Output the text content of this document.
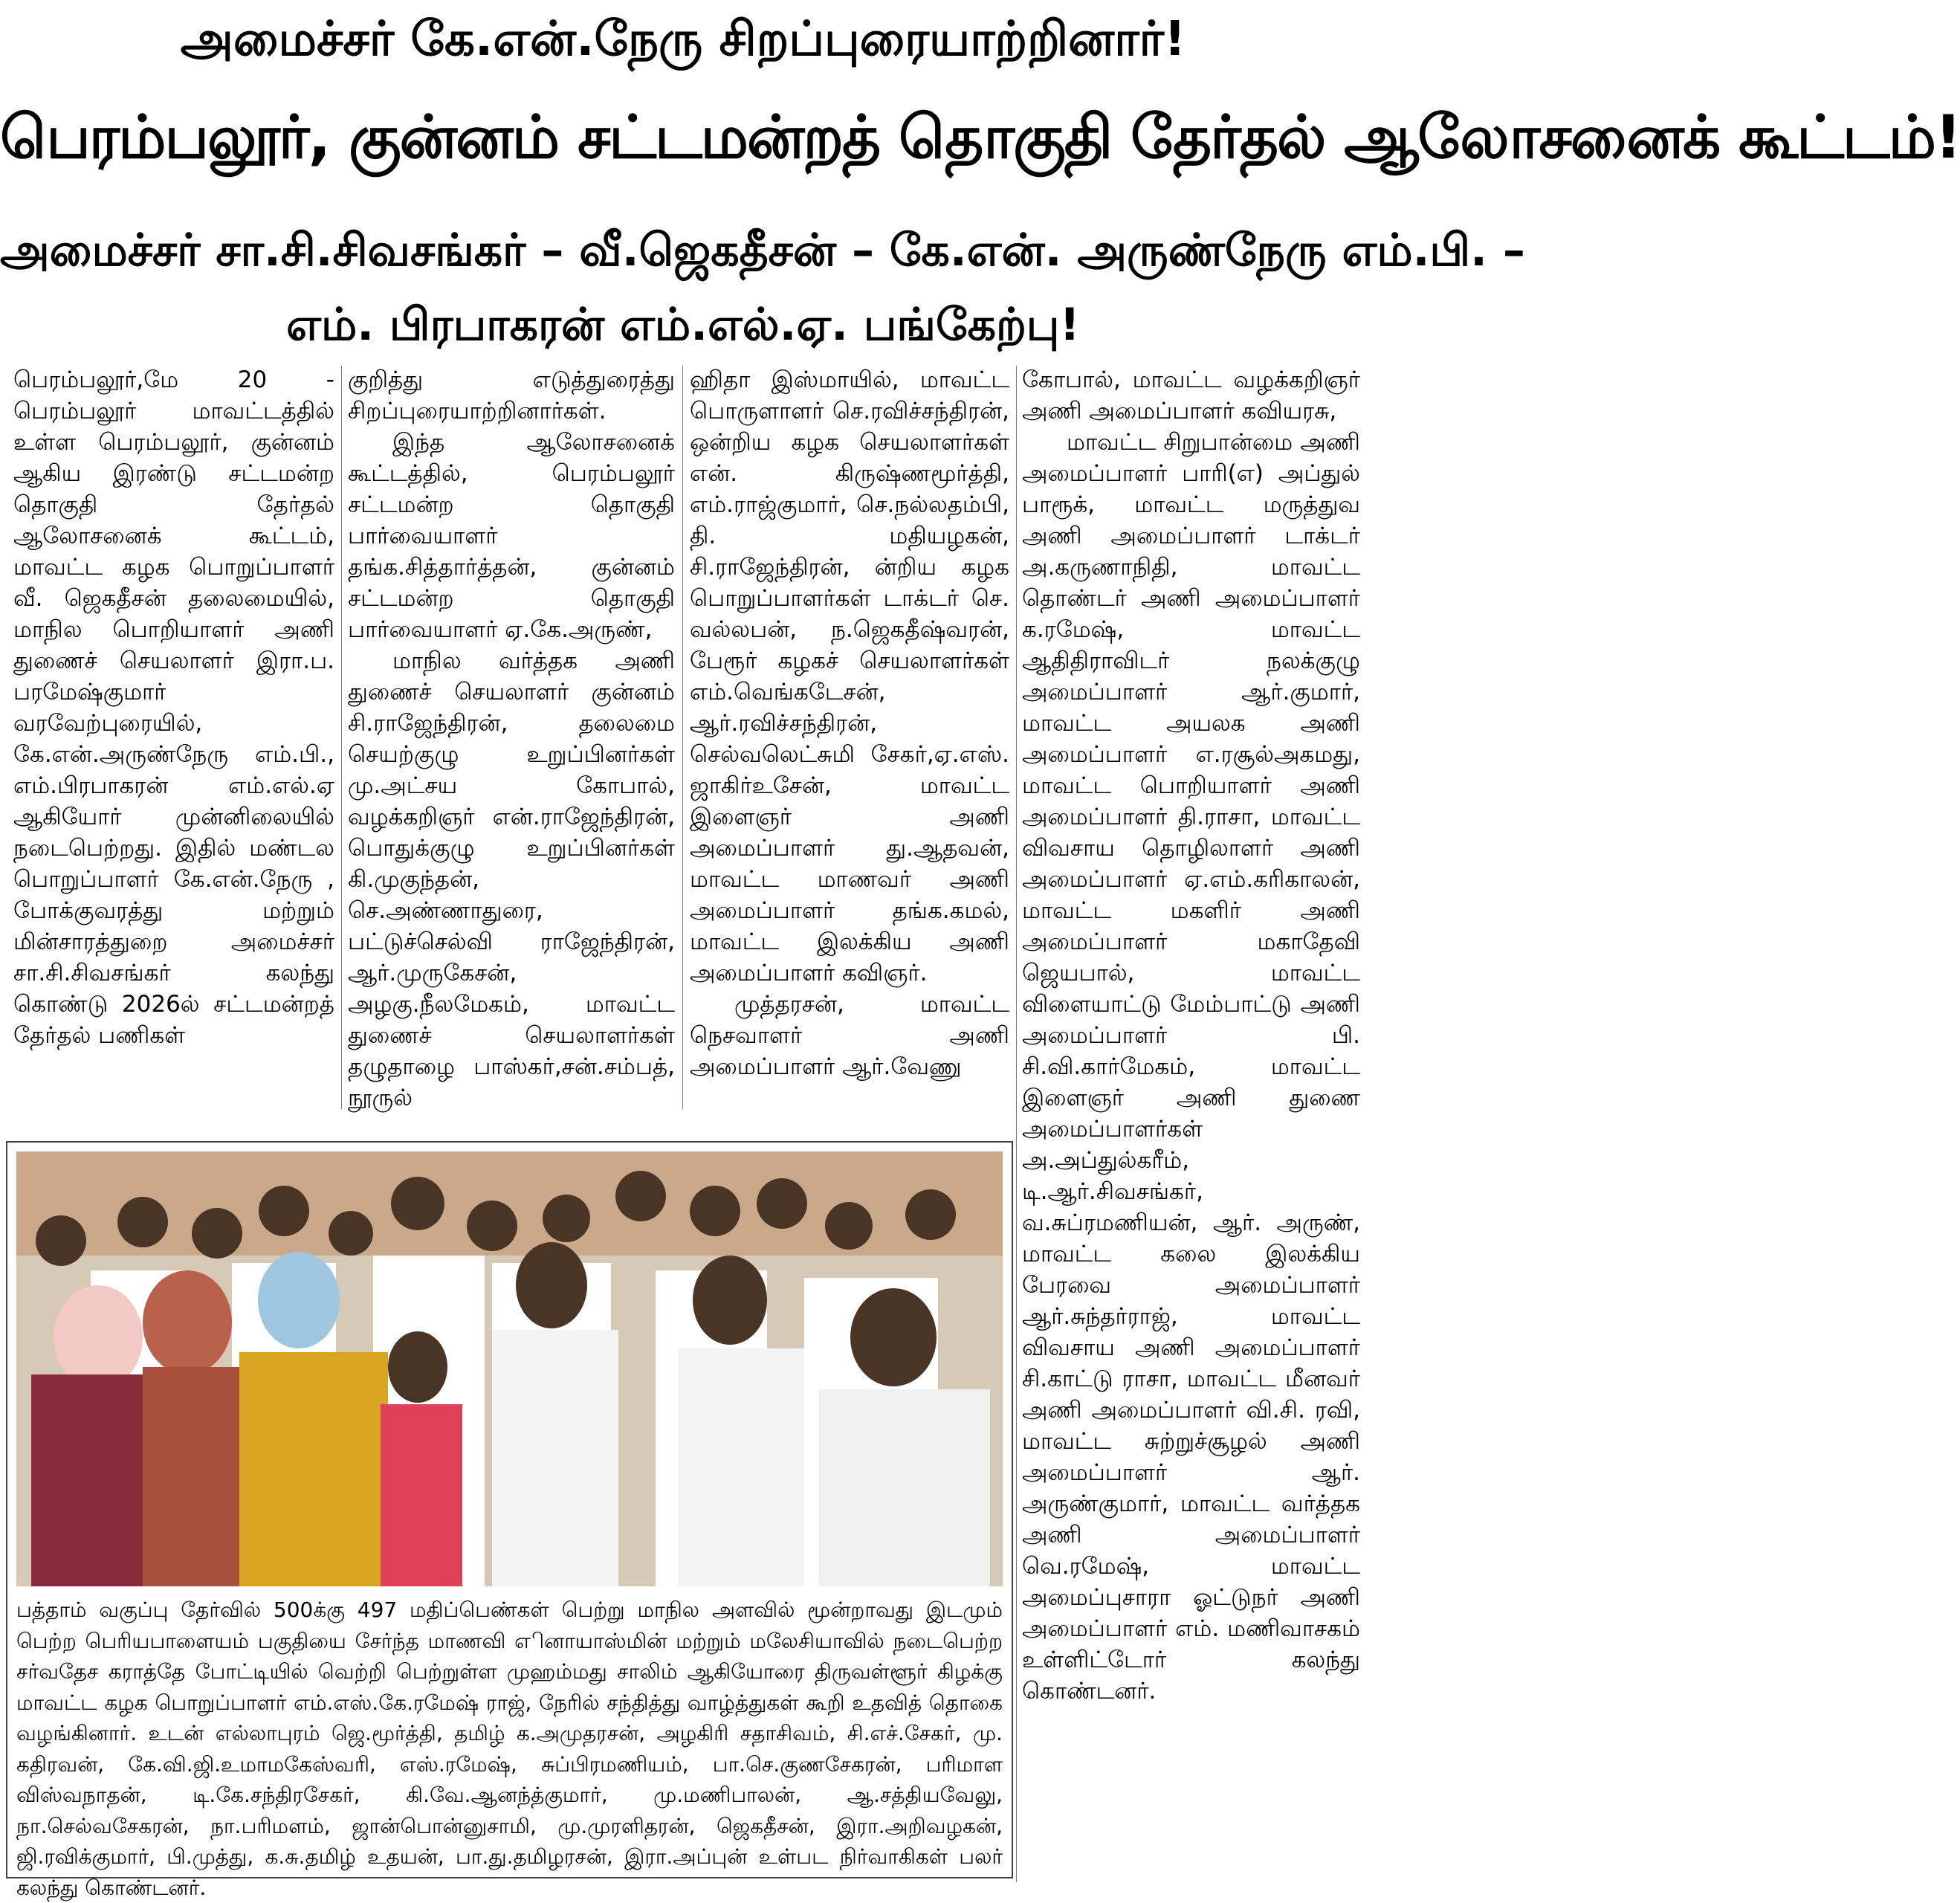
அமைச்சர் கே.என்.நேரு சிறப்புரையாற்றினார்!
பெரம்பலூர், குன்னம் சட்டமன்றத் தொகுதி தேர்தல் ஆலோசனைக் கூட்டம்!
அமைச்சர் சா.சி.சிவசங்கர் – வீ.ஜெகதீசன் – கே.என். அருண்நேரு எம்.பி. –
எம். பிரபாகரன் எம்.எல்.ஏ. பங்கேற்பு!

பெரம்பலூர்,மே 20 - பெரம்பலூர் மாவட்டத்தில் உள்ள பெரம்பலூர், குன்னம் ஆகிய இரண்டு சட்டமன்ற தொகுதி தேர்தல் ஆலோசனைக் கூட்டம், மாவட்ட கழக பொறுப்பாளர் வீ. ஜெகதீசன் தலைமையில், மாநில பொறியாளர் அணி துணைச் செயலாளர் இரா.ப. பரமேஷ்குமார் வரவேற்புரையில், கே.என்.அருண்நேரு எம்.பி., எம்.பிரபாகரன் எம்.எல்.ஏ ஆகியோர் முன்னிலையில் நடைபெற்றது. இதில் மண்டல பொறுப்பாளர் கே.என்.நேரு , போக்குவரத்து மற்றும் மின்சாரத்துறை அமைச்சர் சா.சி.சிவசங்கர் கலந்து கொண்டு 2026ல் சட்டமன்றத் தேர்தல் பணிகள்

குறித்து எடுத்துரைத்து சிறப்புரையாற்றினார்கள்.

இந்த ஆலோசனைக் கூட்டத்தில், பெரம்பலூர் சட்டமன்ற தொகுதி பார்வையாளர் தங்க.சித்தார்த்தன், குன்னம் சட்டமன்ற தொகுதி பார்வையாளர் ஏ.கே.அருண்,

மாநில வர்த்தக அணி துணைச் செயலாளர் குன்னம் சி.ராஜேந்திரன், தலைமை செயற்குழு உறுப்பினர்கள் மு.அட்சய கோபால், வழக்கறிஞர் என்.ராஜேந்திரன், பொதுக்குழு உறுப்பினர்கள் கி.முகுந்தன், செ.அண்ணாதுரை, பட்டுச்செல்வி ராஜேந்திரன், ஆர்.முருகேசன், அழகு.நீலமேகம், மாவட்ட துணைச் செயலாளர்கள் தழுதாழை பாஸ்கர்,சன்.சம்பத், நூருல்

ஹிதா இஸ்மாயில், மாவட்ட பொருளாளர் செ.ரவிச்சந்திரன், ஒன்றிய கழக செயலாளர்கள் என். கிருஷ்ணமூர்த்தி, எம்.ராஜ்குமார், செ.நல்லதம்பி, தி. மதியழகன், சி.ராஜேந்திரன், ன்றிய கழக பொறுப்பாளர்கள் டாக்டர் செ. வல்லபன், ந.ஜெகதீஷ்வரன், பேரூர் கழகச் செயலாளர்கள் எம்.வெங்கடேசன், ஆர்.ரவிச்சந்திரன், செல்வலெட்சுமி சேகர்,ஏ.எஸ். ஜாகிர்உசேன், மாவட்ட இளைஞர் அணி அமைப்பாளர் து.ஆதவன், மாவட்ட மாணவர் அணி அமைப்பாளர் தங்க.கமல், மாவட்ட இலக்கிய அணி அமைப்பாளர் கவிஞர்.

முத்தரசன், மாவட்ட நெசவாளர் அணி அமைப்பாளர் ஆர்.வேணு

கோபால், மாவட்ட வழக்கறிஞர் அணி அமைப்பாளர் கவியரசு,

மாவட்ட சிறுபான்மை அணி அமைப்பாளர் பாரி(எ) அப்துல் பாரூக், மாவட்ட மருத்துவ அணி அமைப்பாளர் டாக்டர் அ.கருணாநிதி, மாவட்ட தொண்டர் அணி அமைப்பாளர் க.ரமேஷ், மாவட்ட ஆதிதிராவிடர் நலக்குழு அமைப்பாளர் ஆர்.குமார், மாவட்ட அயலக அணி அமைப்பாளர் எ.ரசூல்அகமது, மாவட்ட பொறியாளர் அணி அமைப்பாளர் தி.ராசா, மாவட்ட விவசாய தொழிலாளர் அணி அமைப்பாளர் ஏ.எம்.கரிகாலன், மாவட்ட மகளிர் அணி அமைப்பாளர் மகாதேவி ஜெயபால், மாவட்ட விளையாட்டு மேம்பாட்டு அணி அமைப்பாளர் பி. சி.வி.கார்மேகம், மாவட்ட இளைஞர் அணி துணை அமைப்பாளர்கள் அ.அப்துல்கரீம், டி.ஆர்.சிவசங்கர், வ.சுப்ரமணியன், ஆர். அருண், மாவட்ட கலை இலக்கிய பேரவை அமைப்பாளர் ஆர்.சுந்தர்ராஜ், மாவட்ட விவசாய அணி அமைப்பாளர் சி.காட்டு ராசா, மாவட்ட மீனவர் அணி அமைப்பாளர் வி.சி. ரவி, மாவட்ட சுற்றுச்சூழல் அணி அமைப்பாளர் ஆர். அருண்குமார், மாவட்ட வர்த்தக அணி அமைப்பாளர் வெ.ரமேஷ், மாவட்ட அமைப்புசாரா ஓட்டுநர் அணி அமைப்பாளர் எம். மணிவாசகம் உள்ளிட்டோர் கலந்து கொண்டனர்.

பத்தாம் வகுப்பு தேர்வில் 500க்கு 497 மதிப்பெண்கள் பெற்று மாநில அளவில் மூன்றாவது இடமும் பெற்ற பெரியபாளையம் பகுதியை சேர்ந்த மாணவி எினாயாஸ்மின் மற்றும் மலேசியாவில் நடைபெற்ற சர்வதேச கராத்தே போட்டியில் வெற்றி பெற்றுள்ள முஹம்மது சாலிம் ஆகியோரை திருவள்ளூர் கிழக்கு மாவட்ட கழக பொறுப்பாளர் எம்.எஸ்.கே.ரமேஷ் ராஜ், நேரில் சந்தித்து வாழ்த்துகள் கூறி உதவித் தொகை வழங்கினார். உடன் எல்லாபுரம் ஜெ.மூர்த்தி, தமிழ் க.அமுதரசன், அழகிரி சதாசிவம், சி.எச்.சேகர், மு. கதிரவன், கே.வி.ஜி.உமாமகேஸ்வரி, எஸ்.ரமேஷ், சுப்பிரமணியம், பா.செ.குணசேகரன், பரிமாள விஸ்வநாதன், டி.கே.சந்திரசேகர், கி.வே.ஆனந்த்குமார், மு.மணிபாலன், ஆ.சத்தியவேலு, நா.செல்வசேகரன், நா.பரிமளம், ஜான்பொன்னுசாமி, மு.முரளிதரன், ஜெகதீசன், இரா.அறிவழகன், ஜி.ரவிக்குமார், பி.முத்து, க.சு.தமிழ் உதயன், பா.து.தமிழரசன், இரா.அப்புன் உள்பட நிர்வாகிகள் பலர் கலந்து கொண்டனர்.
